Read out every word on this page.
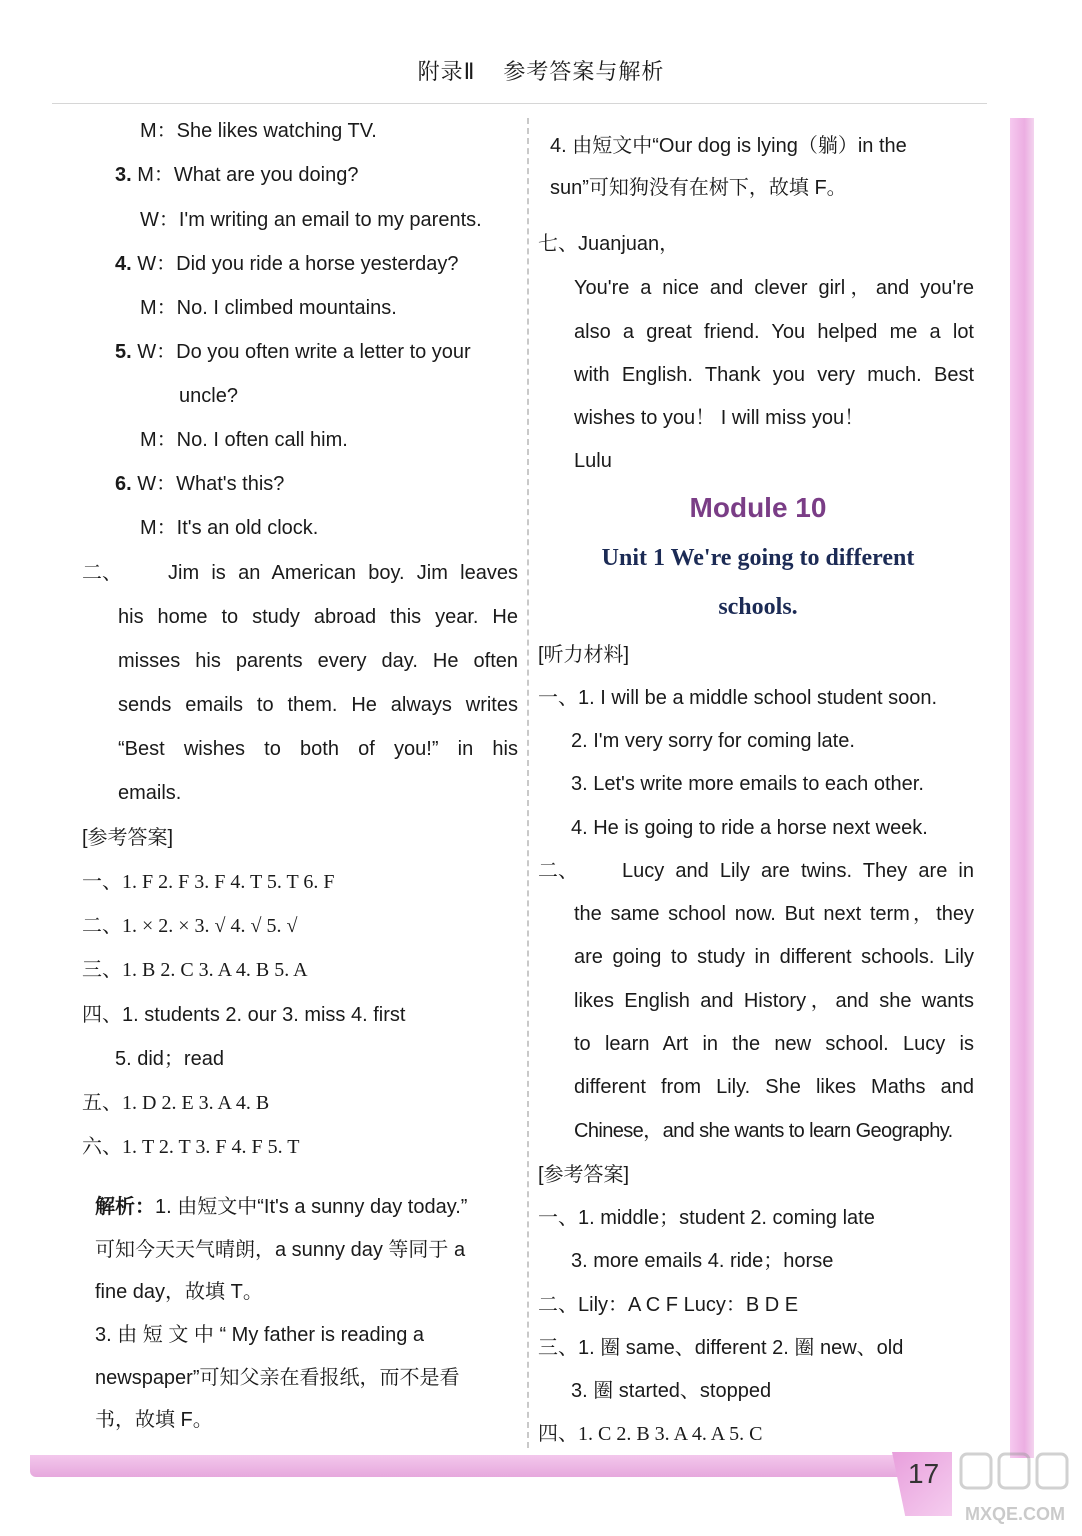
附录Ⅱ 参考答案与解析
17
MXQE.COM
M：She likes watching TV.
3. M：What are you doing?
W：I'm writing an email to my parents.
4. W：Did you ride a horse yesterday?
M：No. I climbed mountains.
5. W：Do you often write a letter to your
uncle?
M：No. I often call him.
6. W：What's this?
M：It's an old clock.
二、 Jim is an American boy. Jim leaves
his home to study abroad this year. He
misses his parents every day. He often
sends emails to them. He always writes
“Best wishes to both of you!” in his
emails.
[参考答案]
一、1. F 2. F 3. F 4. T 5. T 6. F
二、1. × 2. × 3. √ 4. √ 5. √
三、1. B 2. C 3. A 4. B 5. A
四、1. students 2. our 3. miss 4. first
5. did；read
五、1. D 2. E 3. A 4. B
六、1. T 2. T 3. F 4. F 5. T
解析：1. 由短文中“It's a sunny day today.”
可知今天天气晴朗，a sunny day 等同于 a
fine day，故填 T。
3. 由 短 文 中 “ My father is reading a
newspaper”可知父亲在看报纸，而不是看
书，故填 F。
4. 由短文中“Our dog is lying（躺）in the
sun”可知狗没有在树下，故填 F。
七、Juanjuan，
You're a nice and clever girl，and you're
also a great friend. You helped me a lot
with English. Thank you very much. Best
wishes to you！ I will miss you！
Lulu
Module 10
Unit 1 We're going to different
schools.
[听力材料]
一、1. I will be a middle school student soon.
2. I'm very sorry for coming late.
3. Let's write more emails to each other.
4. He is going to ride a horse next week.
二、 Lucy and Lily are twins. They are in
the same school now. But next term，they
are going to study in different schools. Lily
likes English and History，and she wants
to learn Art in the new school. Lucy is
different from Lily. She likes Maths and
Chinese，and she wants to learn Geography.
[参考答案]
一、1. middle；student 2. coming late
3. more emails 4. ride；horse
二、Lily：A C F Lucy：B D E
三、1. 圈 same、different 2. 圈 new、old
3. 圈 started、stopped
四、1. C 2. B 3. A 4. A 5. C
